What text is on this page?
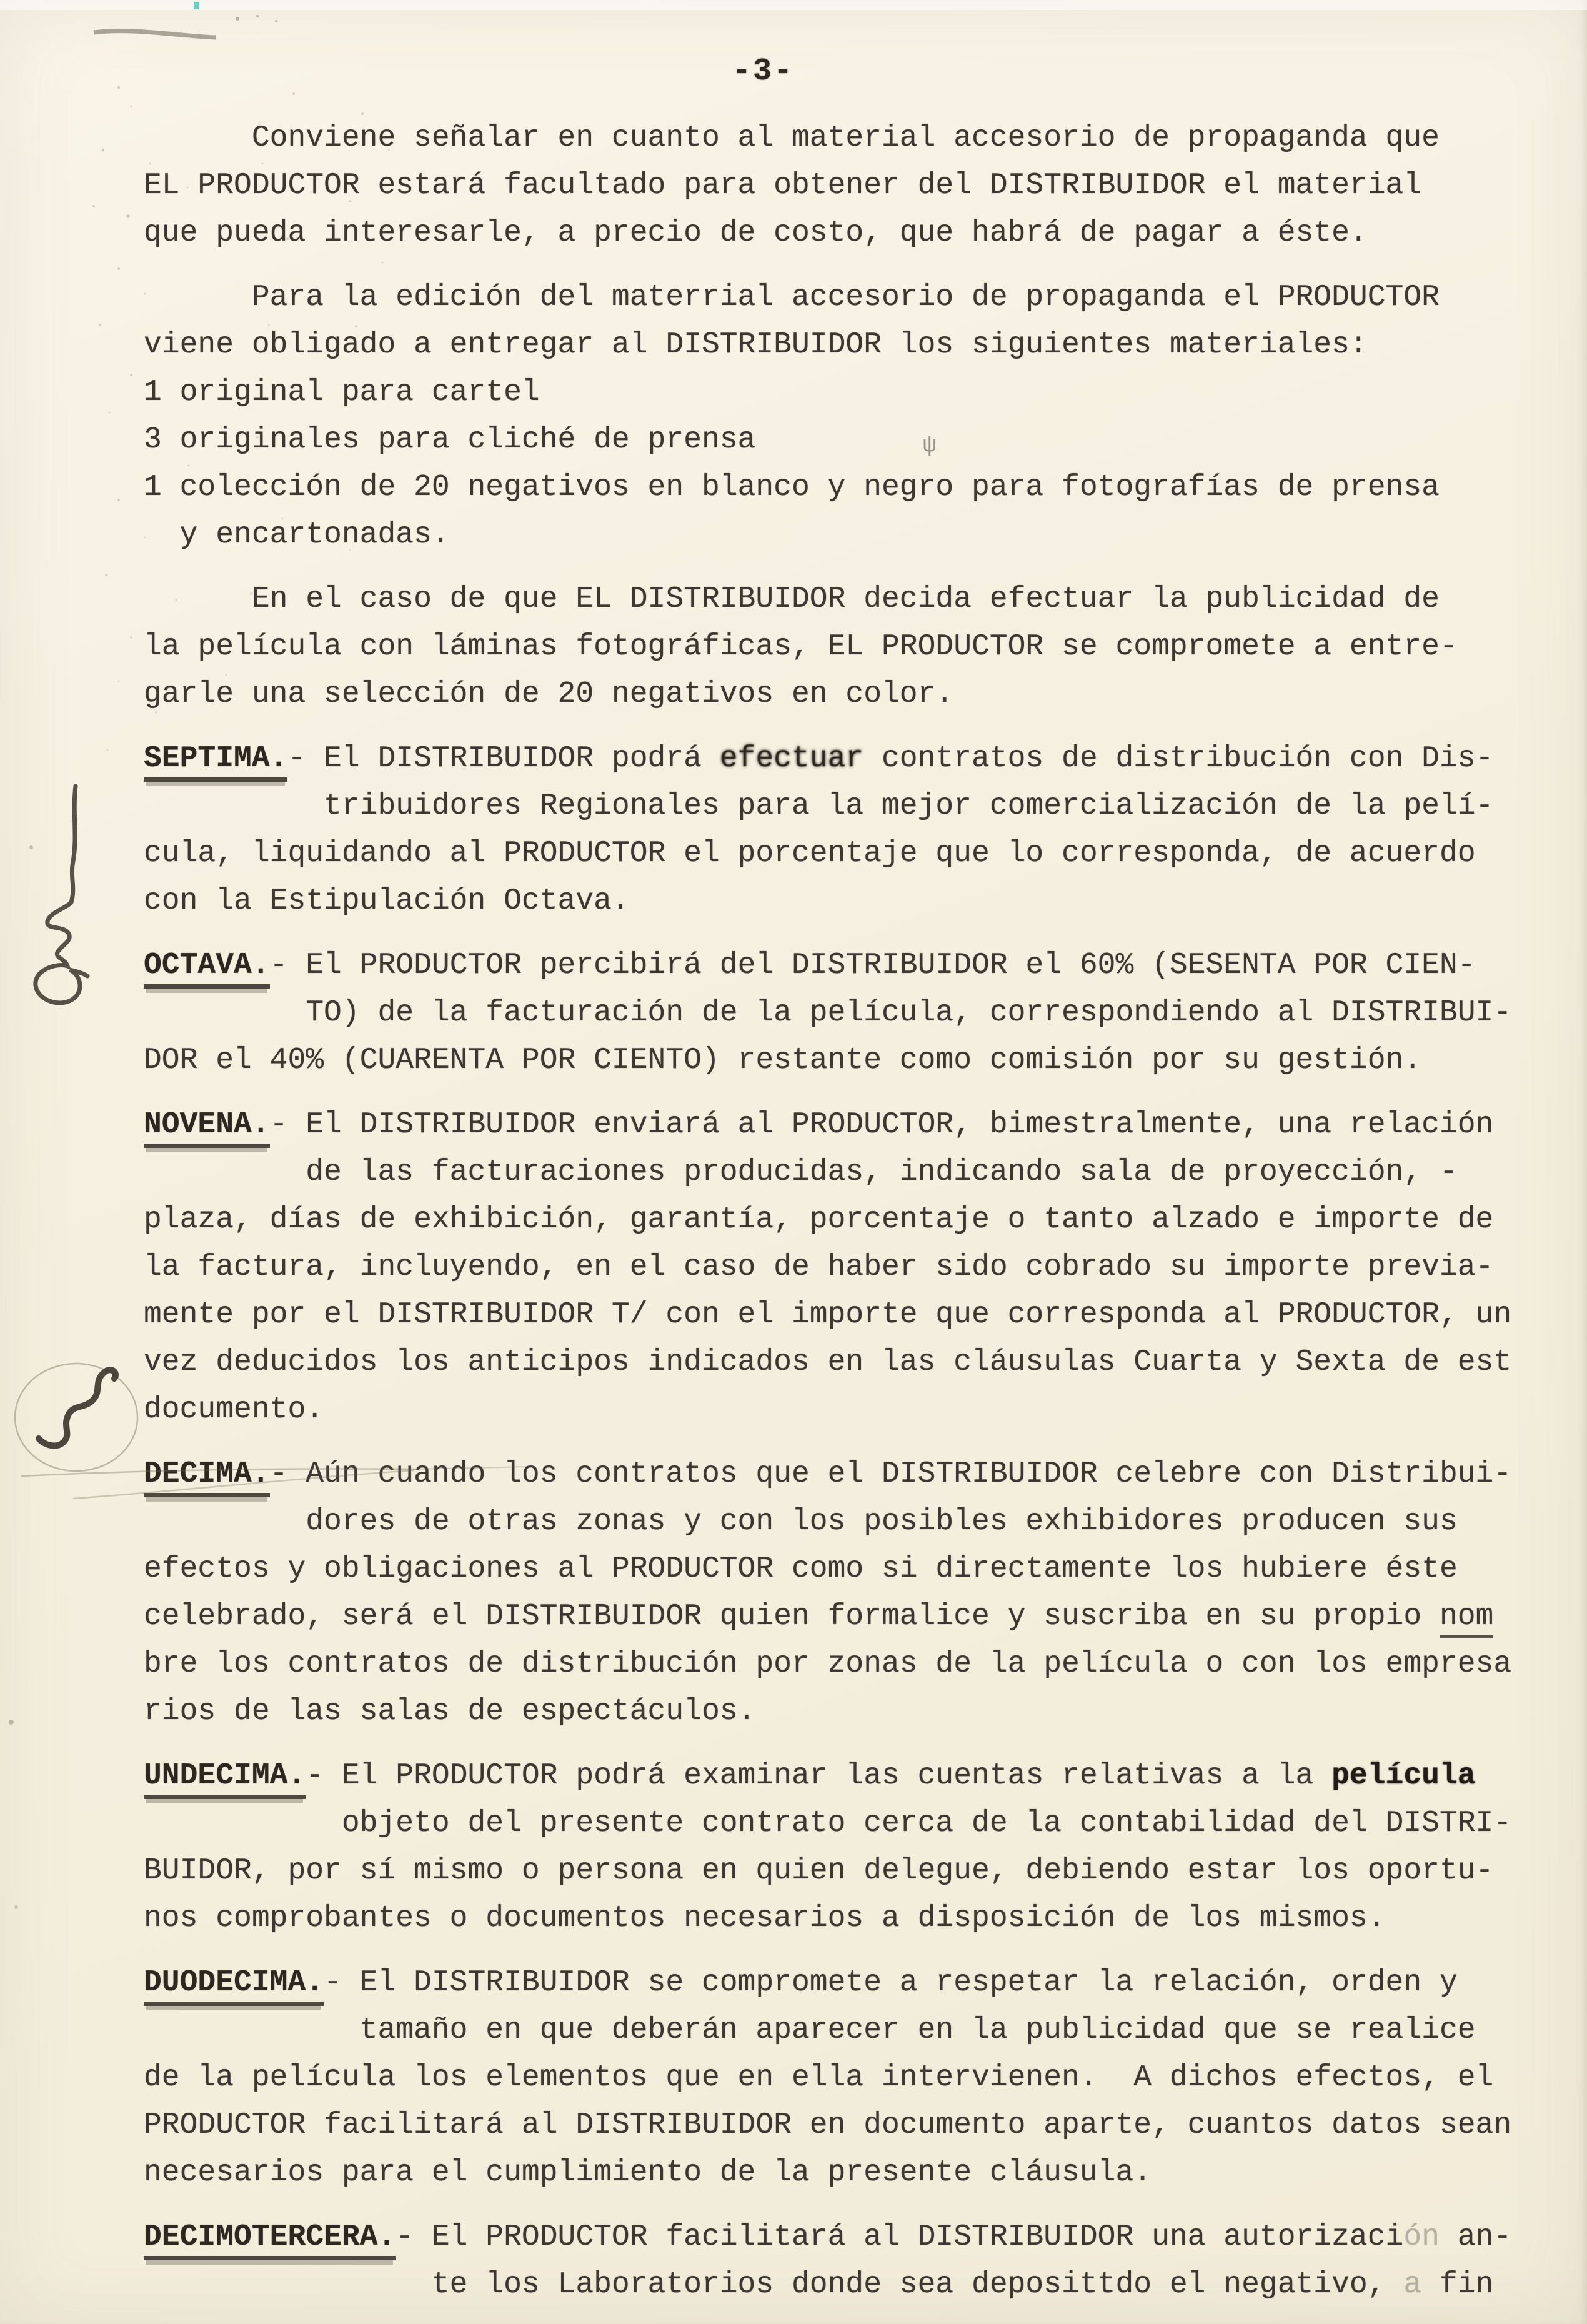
-3-
Conviene señalar en cuanto al material accesorio de propaganda que
EL PRODUCTOR estará facultado para obtener del DISTRIBUIDOR el material
que pueda interesarle, a precio de costo, que habrá de pagar a éste.
Para la edición del materrial accesorio de propaganda el PRODUCTOR
viene obligado a entregar al DISTRIBUIDOR los siguientes materiales:
1 original para cartel
3 originales para cliché de prensa
1 colección de 20 negativos en blanco y negro para fotografías de prensa
y encartonadas.
En el caso de que EL DISTRIBUIDOR decida efectuar la publicidad de
la película con láminas fotográficas, EL PRODUCTOR se compromete a entre-
garle una selección de 20 negativos en color.
SEPTIMA.- El DISTRIBUIDOR podrá efectuar contratos de distribución con Dis-
tribuidores Regionales para la mejor comercialización de la pelí-
cula, liquidando al PRODUCTOR el porcentaje que lo corresponda, de acuerdo
con la Estipulación Octava.
OCTAVA.- El PRODUCTOR percibirá del DISTRIBUIDOR el 60% (SESENTA POR CIEN-
TO) de la facturación de la película, correspondiendo al DISTRIBUI-
DOR el 40% (CUARENTA POR CIENTO) restante como comisión por su gestión.
NOVENA.- El DISTRIBUIDOR enviará al PRODUCTOR, bimestralmente, una relación
de las facturaciones producidas, indicando sala de proyección, -
plaza, días de exhibición, garantía, porcentaje o tanto alzado e importe de
la factura, incluyendo, en el caso de haber sido cobrado su importe previa-
mente por el DISTRIBUIDOR T/ con el importe que corresponda al PRODUCTOR, un
vez deducidos los anticipos indicados en las cláusulas Cuarta y Sexta de est
documento.
DECIMA.- Aún cuando los contratos que el DISTRIBUIDOR celebre con Distribui-
dores de otras zonas y con los posibles exhibidores producen sus
efectos y obligaciones al PRODUCTOR como si directamente los hubiere éste
celebrado, será el DISTRIBUIDOR quien formalice y suscriba en su propio nom
bre los contratos de distribución por zonas de la película o con los empresa
rios de las salas de espectáculos.
UNDECIMA.- El PRODUCTOR podrá examinar las cuentas relativas a la película
objeto del presente contrato cerca de la contabilidad del DISTRI-
BUIDOR, por sí mismo o persona en quien delegue, debiendo estar los oportu-
nos comprobantes o documentos necesarios a disposición de los mismos.
DUODECIMA.- El DISTRIBUIDOR se compromete a respetar la relación, orden y
tamaño en que deberán aparecer en la publicidad que se realice
de la película los elementos que en ella intervienen.  A dichos efectos, el
PRODUCTOR facilitará al DISTRIBUIDOR en documento aparte, cuantos datos sean
necesarios para el cumplimiento de la presente cláusula.
DECIMOTERCERA.- El PRODUCTOR facilitará al DISTRIBUIDOR una autorización an-
te los Laboratorios donde sea deposittdo el negativo, a fin
ψ
